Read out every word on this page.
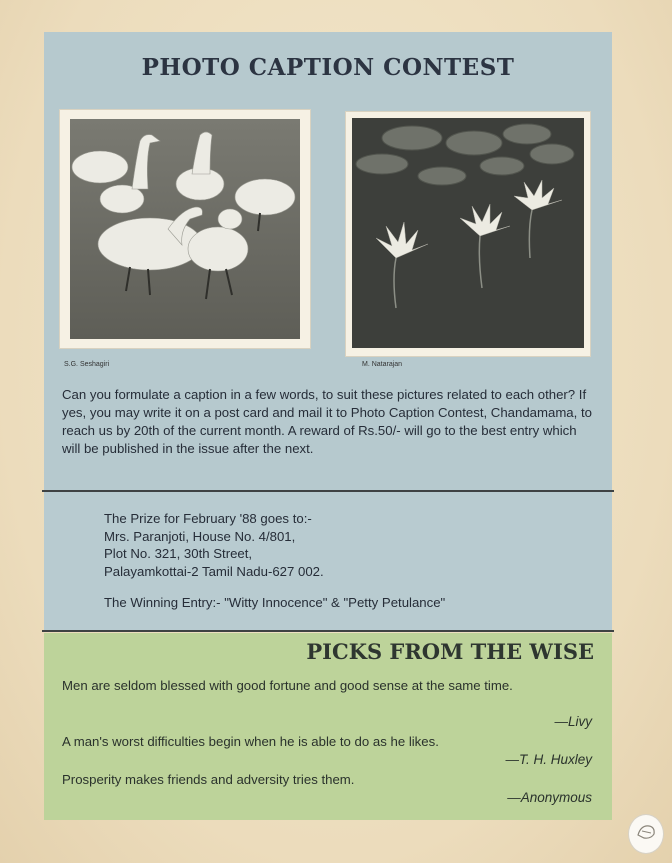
PHOTO CAPTION CONTEST
S.G. Seshagiri	M. Natarajan
Can you formulate a caption in a few words, to suit these pictures related to each other? If yes, you may write it on a post card and mail it to Photo Caption Contest, Chandamama, to reach us by 20th of the current month. A reward of Rs.50/- will go to the best entry which will be published in the issue after the next.
The Prize for February '88 goes to:-
Mrs. Paranjoti, House No. 4/801,
Plot No. 321, 30th Street,
Palayamkottai-2 Tamil Nadu-627 002.
The Winning Entry:- "Witty Innocence" & "Petty Petulance"
PICKS FROM THE WISE
Men are seldom blessed with good fortune and good sense at the same time.
—Livy
A man's worst difficulties begin when he is able to do as he likes.
—T. H. Huxley
Prosperity makes friends and adversity tries them.
—Anonymous
